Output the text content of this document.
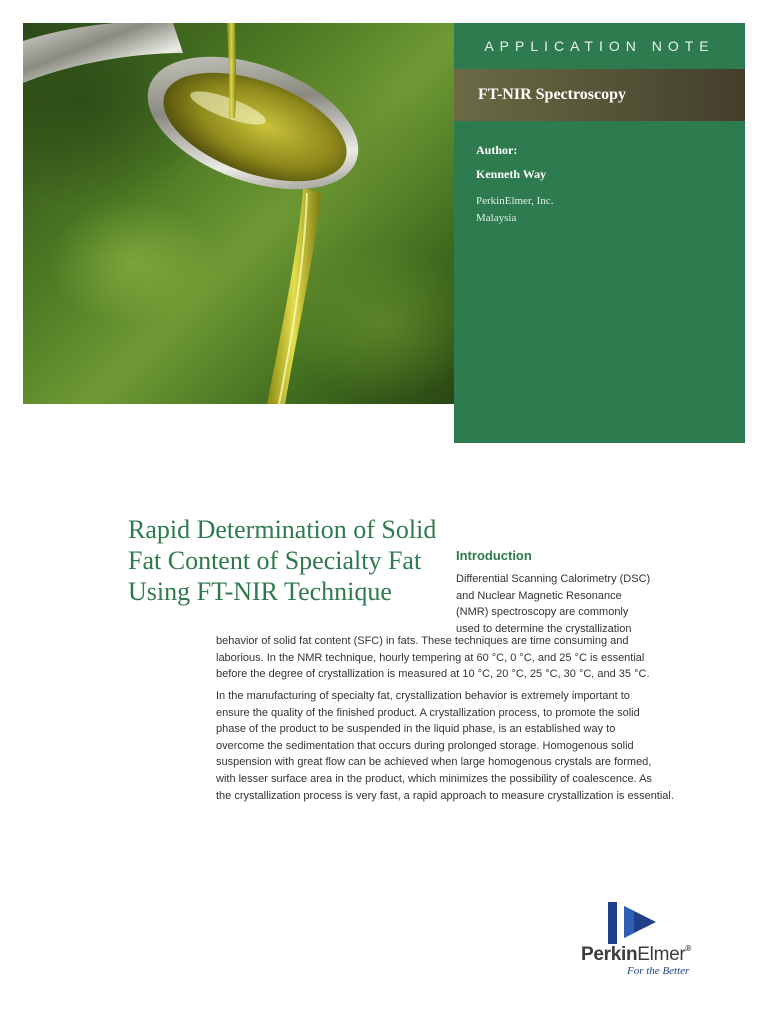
APPLICATION NOTE
FT-NIR Spectroscopy
Author:
Kenneth Way
PerkinElmer, Inc.
Malaysia
Rapid Determination of Solid
Fat Content of Specialty Fat
Using FT-NIR Technique
Introduction
Differential Scanning Calorimetry (DSC)
and Nuclear Magnetic Resonance
(NMR) spectroscopy are commonly
used to determine the crystallization
behavior of solid fat content (SFC) in fats. These techniques are time consuming and
laborious. In the NMR technique, hourly tempering at 60 °C, 0 °C, and 25 °C is essential
before the degree of crystallization is measured at 10 °C, 20 °C, 25 °C, 30 °C, and 35 °C.
In the manufacturing of specialty fat, crystallization behavior is extremely important to
ensure the quality of the finished product. A crystallization process, to promote the solid
phase of the product to be suspended in the liquid phase, is an established way to
overcome the sedimentation that occurs during prolonged storage. Homogenous solid
suspension with great flow can be achieved when large homogenous crystals are formed,
with lesser surface area in the product, which minimizes the possibility of coalescence. As
the crystallization process is very fast, a rapid approach to measure crystallization is essential.
PerkinElmer®
For the Better
